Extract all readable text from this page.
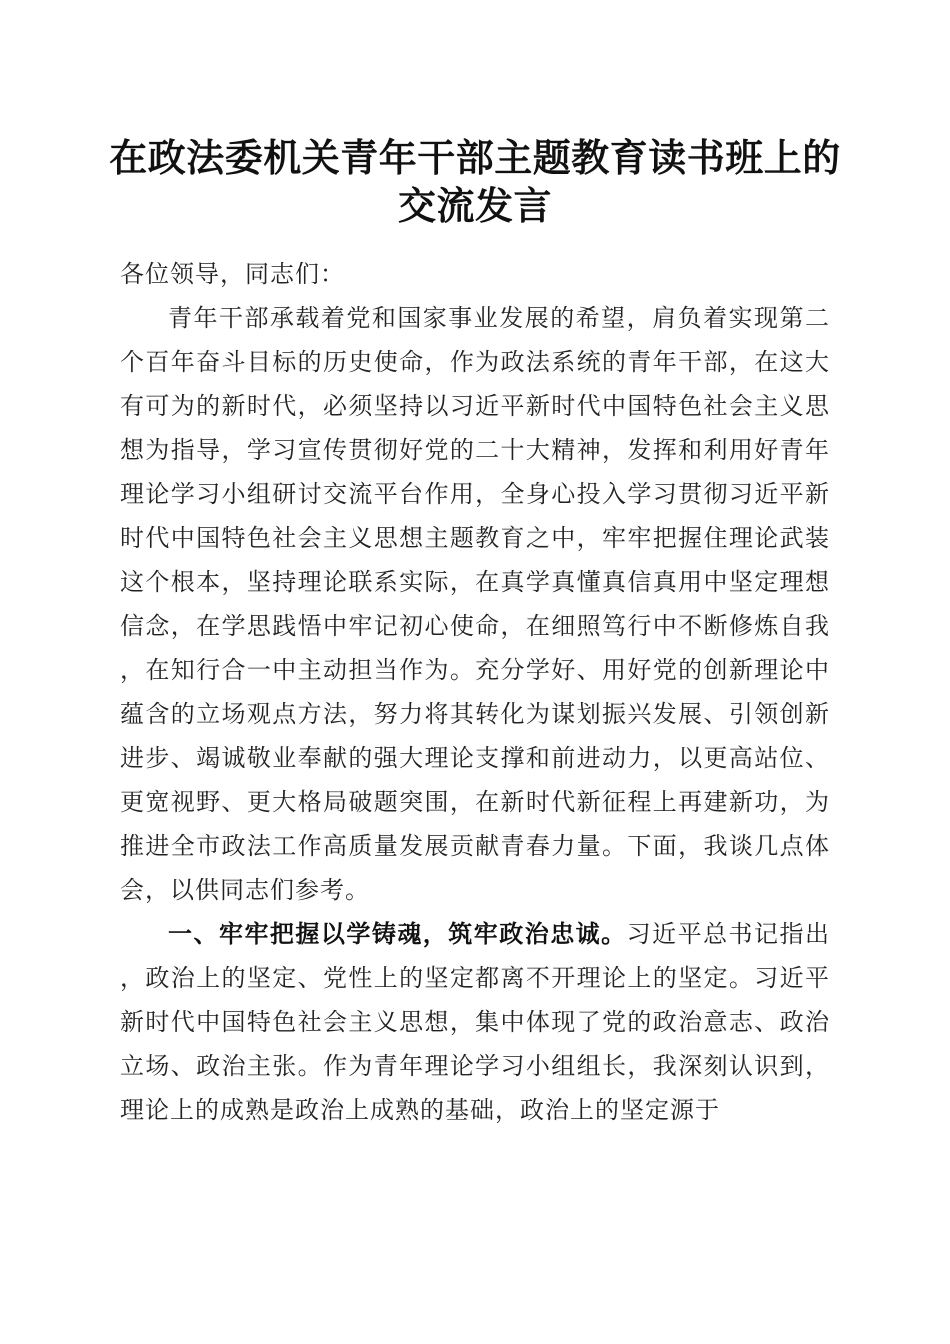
在政法委机关青年干部主题教育读书班上的交流发言

各位领导，同志们：

青年干部承载着党和国家事业发展的希望，肩负着实现第二个百年奋斗目标的历史使命，作为政法系统的青年干部，在这大有可为的新时代，必须坚持以习近平新时代中国特色社会主义思想为指导，学习宣传贯彻好党的二十大精神，发挥和利用好青年理论学习小组研讨交流平台作用，全身心投入学习贯彻习近平新时代中国特色社会主义思想主题教育之中，牢牢把握住理论武装这个根本，坚持理论联系实际，在真学真懂真信真用中坚定理想信念，在学思践悟中牢记初心使命，在细照笃行中不断修炼自我，在知行合一中主动担当作为。充分学好、用好党的创新理论中蕴含的立场观点方法，努力将其转化为谋划振兴发展、引领创新进步、竭诚敬业奉献的强大理论支撑和前进动力，以更高站位、更宽视野、更大格局破题突围，在新时代新征程上再建新功，为推进全市政法工作高质量发展贡献青春力量。下面，我谈几点体会，以供同志们参考。

一、牢牢把握以学铸魂，筑牢政治忠诚。习近平总书记指出，政治上的坚定、党性上的坚定都离不开理论上的坚定。习近平新时代中国特色社会主义思想，集中体现了党的政治意志、政治立场、政治主张。作为青年理论学习小组组长，我深刻认识到，理论上的成熟是政治上成熟的基础，政治上的坚定源于
